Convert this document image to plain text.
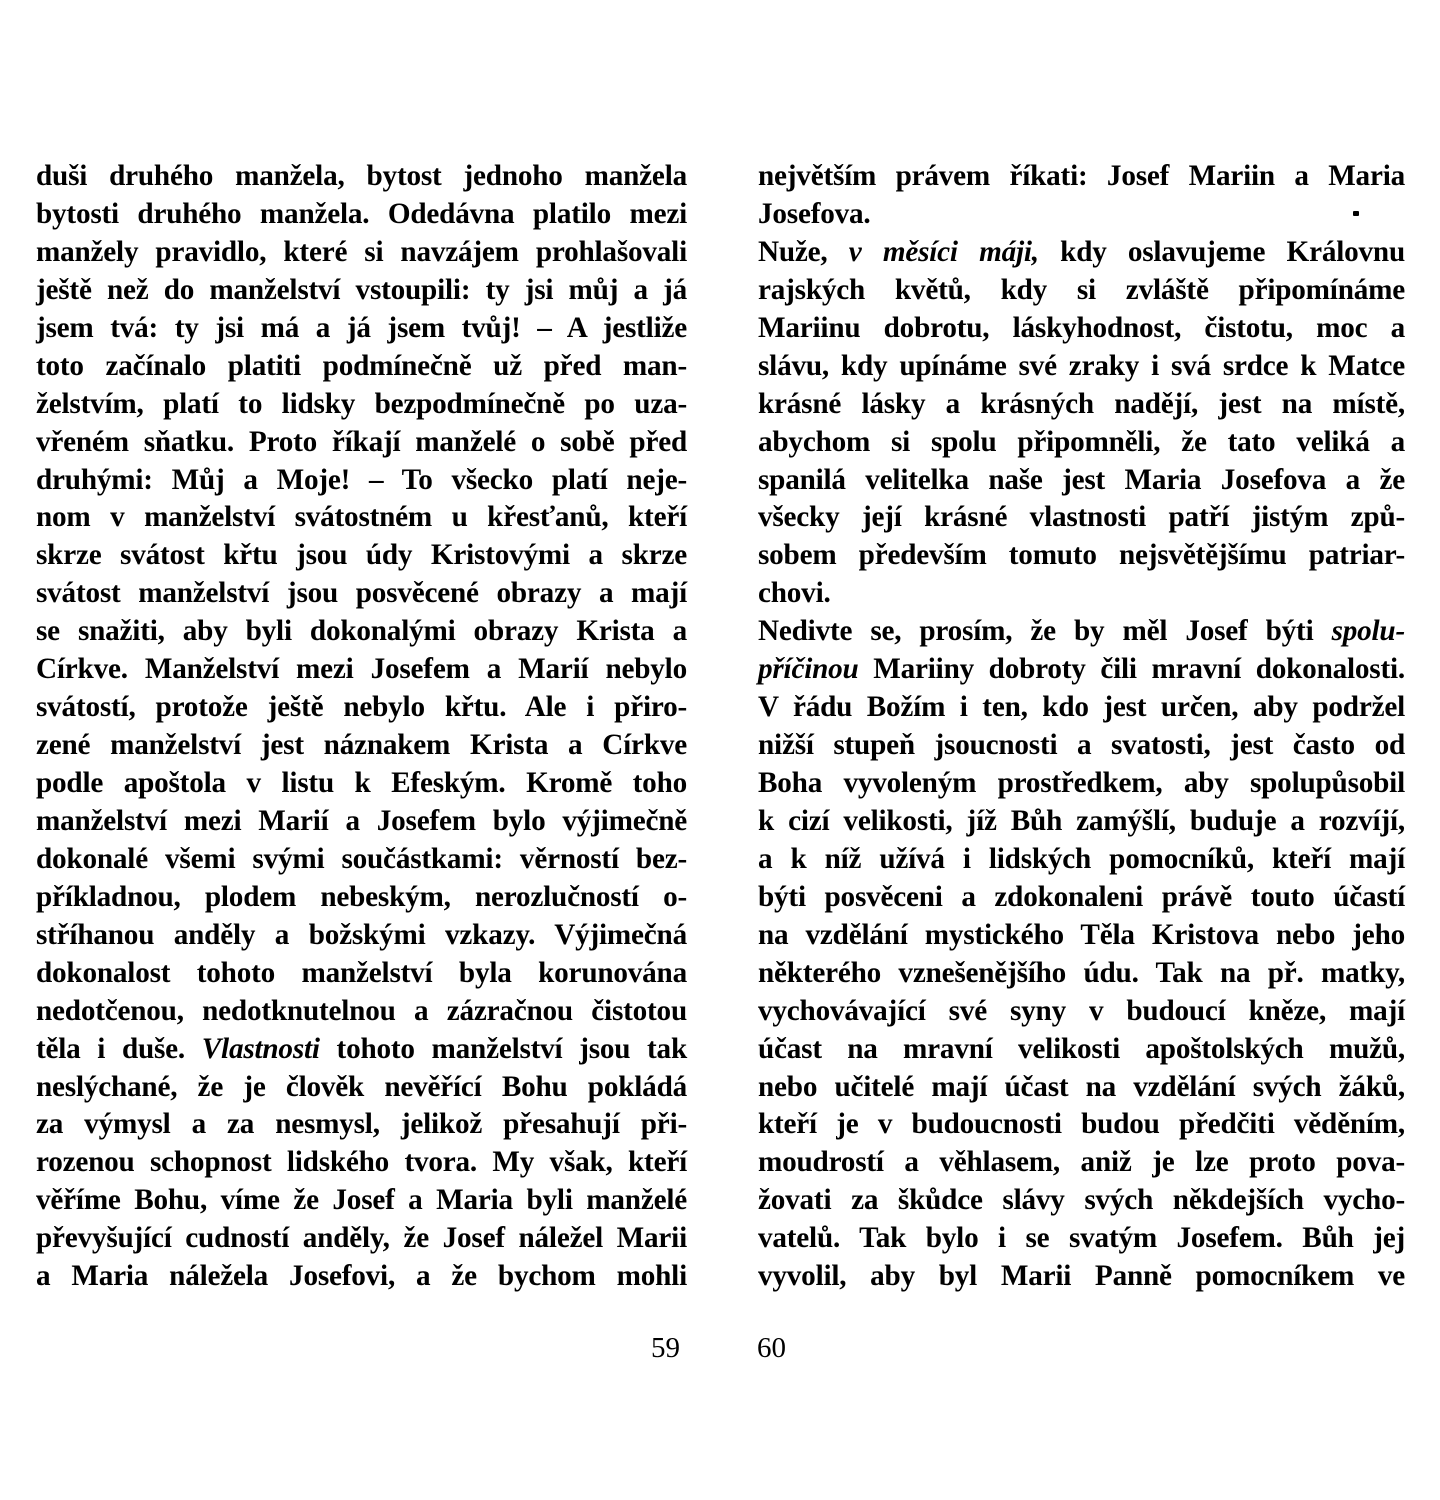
duši druhého manžela, bytost jednoho manžela
bytosti druhého manžela. Odedávna platilo mezi
manžely pravidlo, které si navzájem prohlašovali
ještě než do manželství vstoupili: ty jsi můj a já
jsem tvá: ty jsi má a já jsem tvůj! – A jestliže
toto začínalo platiti podmínečně už před man-
želstvím, platí to lidsky bezpodmínečně po uza-
vřeném sňatku. Proto říkají manželé o sobě před
druhými: Můj a Moje! – To všecko platí neje-
nom v manželství svátostném u křesťanů, kteří
skrze svátost křtu jsou údy Kristovými a skrze
svátost manželství jsou posvěcené obrazy a mají
se snažiti, aby byli dokonalými obrazy Krista a
Církve. Manželství mezi Josefem a Marií nebylo
svátostí, protože ještě nebylo křtu. Ale i přiro-
zené manželství jest náznakem Krista a Církve
podle apoštola v listu k Efeským. Kromě toho
manželství mezi Marií a Josefem bylo výjimečně
dokonalé všemi svými součástkami: věrností bez-
příkladnou, plodem nebeským, nerozlučností o-
stříhanou anděly a božskými vzkazy. Výjimečná
dokonalost tohoto manželství byla korunována
nedotčenou, nedotknutelnou a zázračnou čistotou
těla i duše. Vlastnosti tohoto manželství jsou tak
neslýchané, že je člověk nevěřící Bohu pokládá
za výmysl a za nesmysl, jelikož přesahují při-
rozenou schopnost lidského tvora. My však, kteří
věříme Bohu, víme že Josef a Maria byli manželé
převyšující cudností anděly, že Josef náležel Marii
a Maria náležela Josefovi, a že bychom mohli
největším právem říkati: Josef Mariin a Maria
Josefova.
Nuže, v měsíci máji, kdy oslavujeme Královnu
rajských květů, kdy si zvláště připomínáme
Mariinu dobrotu, láskyhodnost, čistotu, moc a
slávu, kdy upínáme své zraky i svá srdce k Matce
krásné lásky a krásných nadějí, jest na místě,
abychom si spolu připomněli, že tato veliká a
spanilá velitelka naše jest Maria Josefova a že
všecky její krásné vlastnosti patří jistým způ-
sobem především tomuto nejsvětějšímu patriar-
chovi.
Nedivte se, prosím, že by měl Josef býti spolu-
příčinou Mariiny dobroty čili mravní dokonalosti.
V řádu Božím i ten, kdo jest určen, aby podržel
nižší stupeň jsoucnosti a svatosti, jest často od
Boha vyvoleným prostředkem, aby spolupůsobil
k cizí velikosti, jíž Bůh zamýšlí, buduje a rozvíjí,
a k níž užívá i lidských pomocníků, kteří mají
býti posvěceni a zdokonaleni právě touto účastí
na vzdělání mystického Těla Kristova nebo jeho
některého vznešenějšího údu. Tak na př. matky,
vychovávající své syny v budoucí kněze, mají
účast na mravní velikosti apoštolských mužů,
nebo učitelé mají účast na vzdělání svých žáků,
kteří je v budoucnosti budou předčiti věděním,
moudrostí a věhlasem, aniž je lze proto pova-
žovati za škůdce slávy svých někdejších vycho-
vatelů. Tak bylo i se svatým Josefem. Bůh jej
vyvolil, aby byl Marii Panně pomocníkem ve
59	60
